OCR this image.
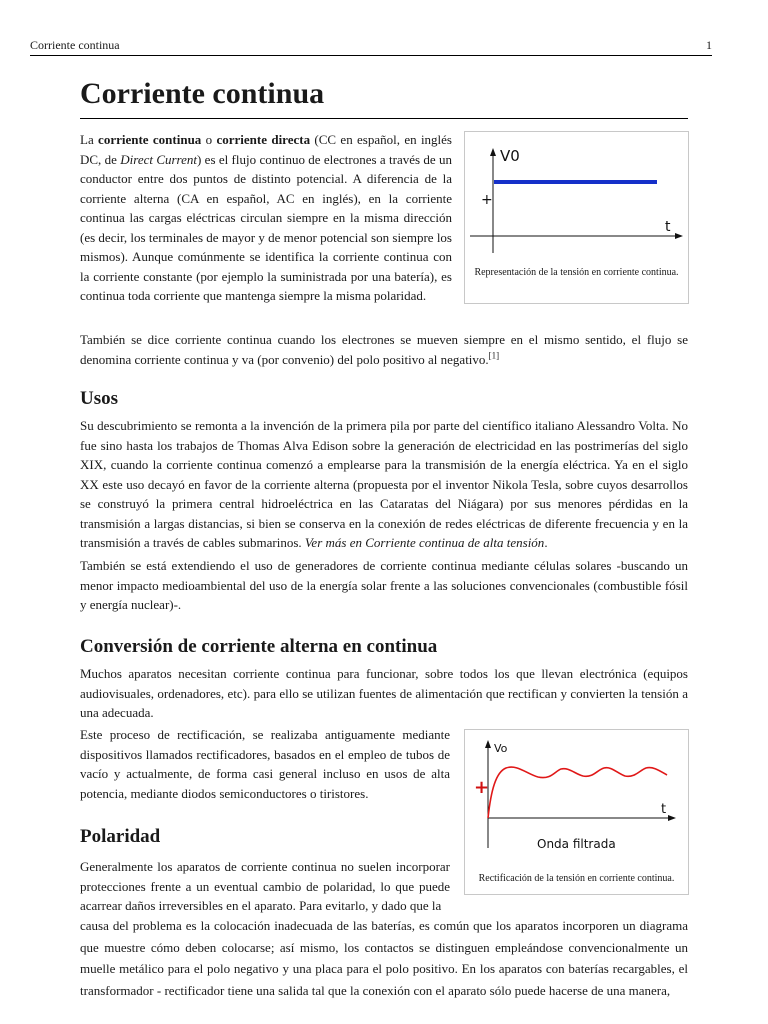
Corriente continua	1
Corriente continua

La corriente continua o corriente directa (CC en español, en inglés DC, de Direct Current) es el flujo continuo de electrones a través de un conductor entre dos puntos de distinto potencial. A diferencia de la corriente alterna (CA en español, AC en inglés), en la corriente continua las cargas eléctricas circulan siempre en la misma dirección (es decir, los terminales de mayor y de menor potencial son siempre los mismos). Aunque comúnmente se identifica la corriente continua con la corriente constante (por ejemplo la suministrada por una batería), es continua toda corriente que mantenga siempre la misma polaridad.

V0
+
t

Representación de la tensión en corriente continua.

También se dice corriente continua cuando los electrones se mueven siempre en el mismo sentido, el flujo se denomina corriente continua y va (por convenio) del polo positivo al negativo.[1]

Usos

Su descubrimiento se remonta a la invención de la primera pila por parte del científico italiano Alessandro Volta. No fue sino hasta los trabajos de Thomas Alva Edison sobre la generación de electricidad en las postrimerías del siglo XIX, cuando la corriente continua comenzó a emplearse para la transmisión de la energía eléctrica. Ya en el siglo XX este uso decayó en favor de la corriente alterna (propuesta por el inventor Nikola Tesla, sobre cuyos desarrollos se construyó la primera central hidroeléctrica en las Cataratas del Niágara) por sus menores pérdidas en la transmisión a largas distancias, si bien se conserva en la conexión de redes eléctricas de diferente frecuencia y en la transmisión a través de cables submarinos. Ver más en Corriente continua de alta tensión.

También se está extendiendo el uso de generadores de corriente continua mediante células solares -buscando un menor impacto medioambiental del uso de la energía solar frente a las soluciones convencionales (combustible fósil y energía nuclear)-.

Conversión de corriente alterna en continua

Muchos aparatos necesitan corriente continua para funcionar, sobre todos los que llevan electrónica (equipos audiovisuales, ordenadores, etc). para ello se utilizan fuentes de alimentación que rectifican y convierten la tensión a una adecuada.

Este proceso de rectificación, se realizaba antiguamente mediante dispositivos llamados rectificadores, basados en el empleo de tubos de vacío y actualmente, de forma casi general incluso en usos de alta potencia, mediante diodos semiconductores o tiristores.

Vo
+
t
Onda filtrada

Rectificación de la tensión en corriente continua.

Polaridad

Generalmente los aparatos de corriente continua no suelen incorporar protecciones frente a un eventual cambio de polaridad, lo que puede acarrear daños irreversibles en el aparato. Para evitarlo, y dado que la

causa del problema es la colocación inadecuada de las baterías, es común que los aparatos incorporen un diagrama que muestre cómo deben colocarse; así mismo, los contactos se distinguen empleándose convencionalmente un muelle metálico para el polo negativo y una placa para el polo positivo. En los aparatos con baterías recargables, el transformador - rectificador tiene una salida tal que la conexión con el aparato sólo puede hacerse de una manera,
